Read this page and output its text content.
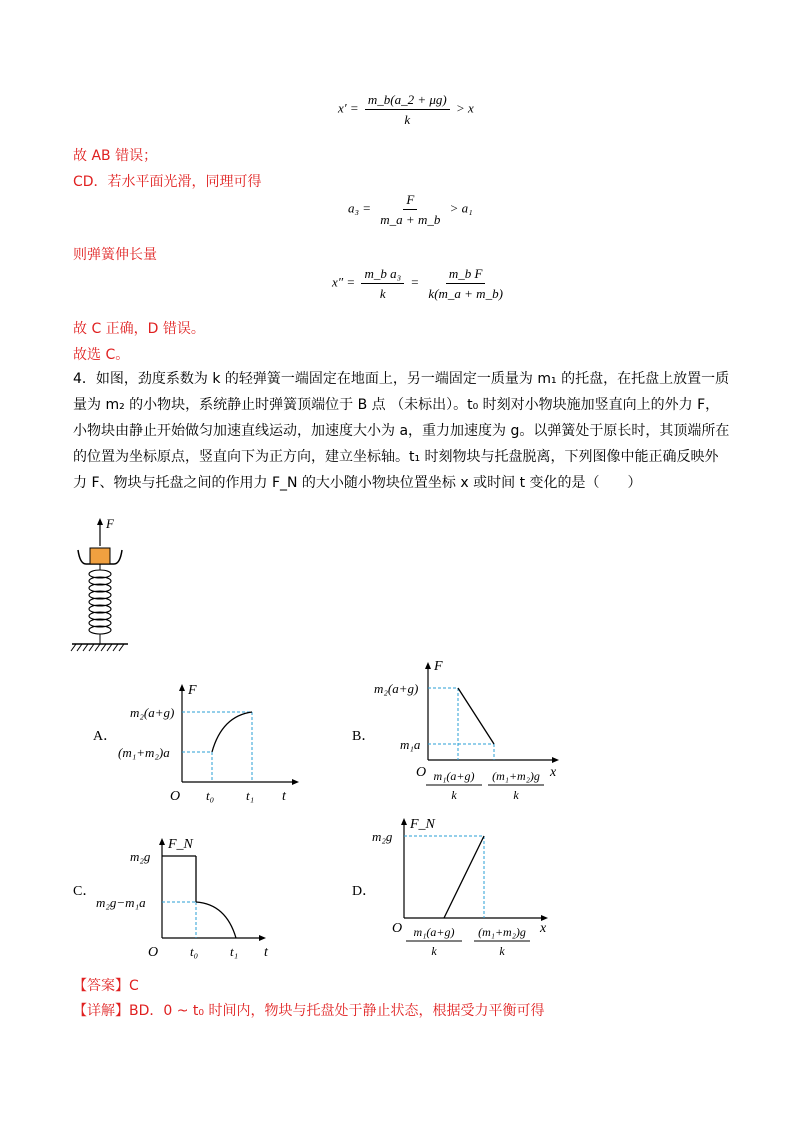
$x' = \frac{m\_b(a\_2 + \mu g)}{k} > x$
故 AB 错误；
CD．若水平面光滑，同理可得
$a_3 = \frac{F}{m\_a + m\_b} > a_1$
则弹簧伸长量
$x'' = \frac{\text{m\_b a₃}}{k} = \frac{\text{m\_b F}}{k(m\_a + m\_b)}$
故 C 正确，D 错误。
故选 C。
4．如图，劲度系数为 k 的轻弹簧一端固定在地面上，另一端固定一质量为 m₁ 的托盘，在托盘上放置一质
量为 m₂ 的小物块，系统静止时弹簧顶端位于 B 点 （未标出）。t₀ 时刻对小物块施加竖直向上的外力 F，
小物块由静止开始做匀加速直线运动，加速度大小为 a，重力加速度为 g。以弹簧处于原长时，其顶端所在
的位置为坐标原点，竖直向下为正方向，建立坐标轴。t₁ 时刻物块与托盘脱离，下列图像中能正确反映外
力 F、物块与托盘之间的作用力 F_N 的大小随小物块位置坐标 x 或时间 t 变化的是（　　）
F
A．
F
t
O
m₂(a+g)
(m₁+m₂)a
t₀ t₁
B．
F
x
O
m₂(a+g)
m₁a
m₁(a+g)
k
(m₁+m₂)g
k
C．
F_N
t
O
m₂g
m₂g−m₁a
t₀ t₁
D．
F_N
x
O
m₂g
m₁(a+g)
k
(m₁+m₂)g
k
【答案】C
【详解】BD．0 ~ t₀ 时间内，物块与托盘处于静止状态，根据受力平衡可得
